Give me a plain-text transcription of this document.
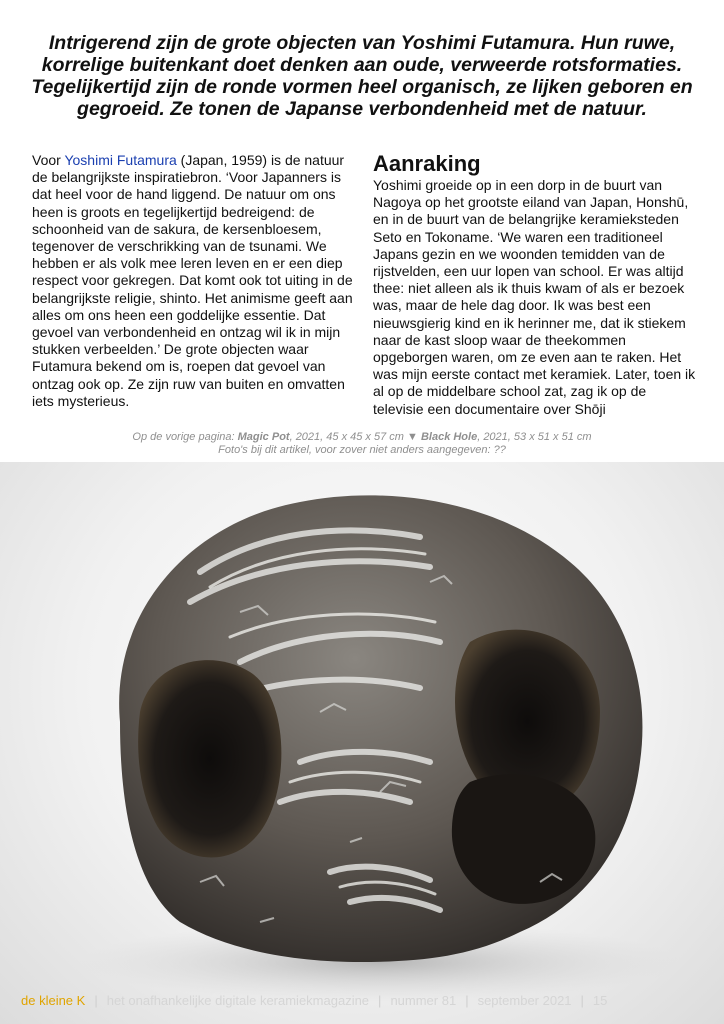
Intrigerend zijn de grote objecten van Yoshimi Futamura. Hun ruwe, korrelige buitenkant doet denken aan oude, verweerde rotsformaties. Tegelijkertijd zijn de ronde vormen heel organisch, ze lijken geboren en gegroeid. Ze tonen de Japanse verbondenheid met de natuur.

Voor Yoshimi Futamura (Japan, 1959) is de natuur de belangrijkste inspiratiebron. ‘Voor Japanners is dat heel voor de hand liggend. De natuur om ons heen is groots en tegelijkertijd bedreigend: de schoonheid van de sakura, de kersenbloesem, tegenover de verschrikking van de tsunami. We hebben er als volk mee leren leven en er een diep respect voor gekregen. Dat komt ook tot uiting in de belangrijkste religie, shinto. Het animisme geeft aan alles om ons heen een goddelijke essentie. Dat gevoel van verbondenheid en ontzag wil ik in mijn stukken verbeelden.’ De grote objecten waar Futamura bekend om is, roepen dat gevoel van ontzag ook op. Ze zijn ruw van buiten en omvatten iets mysterieus.

Aanraking

Yoshimi groeide op in een dorp in de buurt van Nagoya op het grootste eiland van Japan, Honshū, en in de buurt van de belangrijke keramieksteden Seto en Tokoname. ‘We waren een traditioneel Japans gezin en we woonden temidden van de rijstvelden, een uur lopen van school. Er was altijd thee: niet alleen als ik thuis kwam of als er bezoek was, maar de hele dag door. Ik was best een nieuwsgierig kind en ik herinner me, dat ik stiekem naar de kast sloop waar de theekommen opgeborgen waren, om ze even aan te raken. Het was mijn eerste contact met keramiek. Later, toen ik al op de middelbare school zat, zag ik op de televisie een documentaire over Shōji

Op de vorige pagina: Magic Pot, 2021, 45 x 45 x 57 cm ▼ Black Hole, 2021, 53 x 51 x 51 cm
Foto's bij dit artikel, voor zover niet anders aangegeven: ??
de kleine K | het onafhankelijke digitale keramiekmagazine | nummer 81 | september 2021 | 15
